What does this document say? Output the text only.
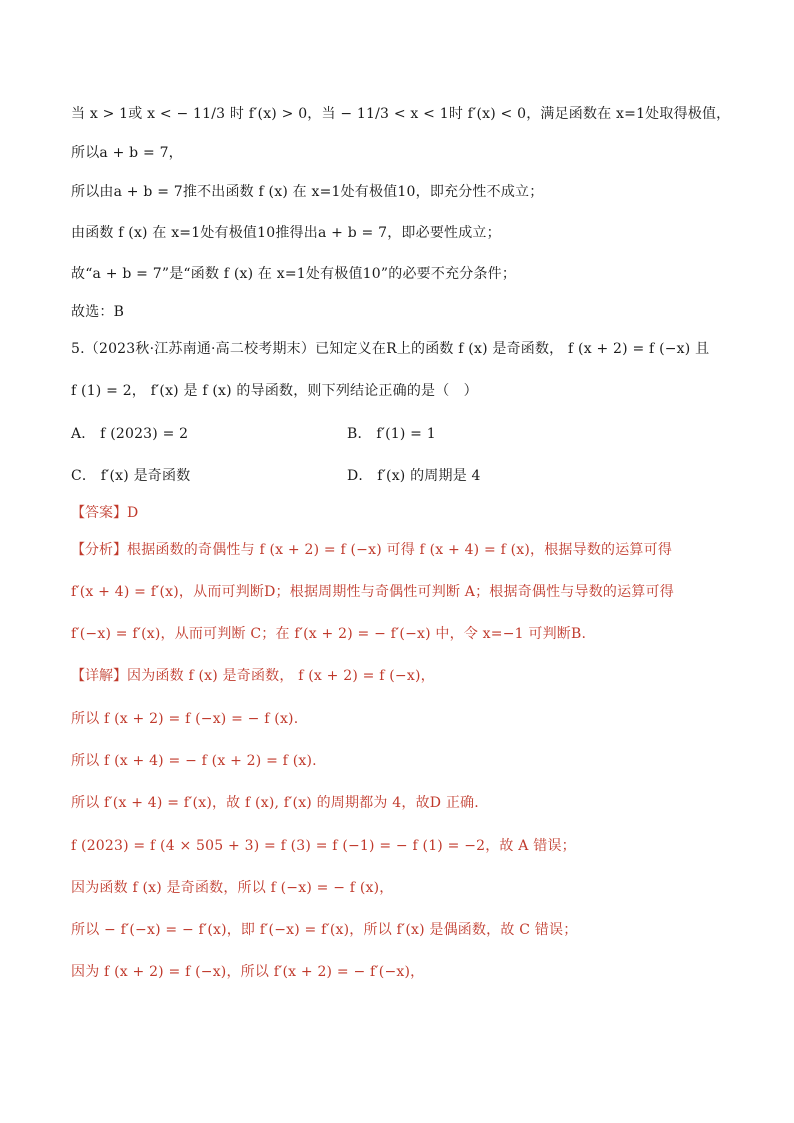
当 x > 1或 x < − 11/3 时 f′(x) > 0，当 − 11/3 < x < 1时 f′(x) < 0，满足函数在 x=1处取得极值，
所以a + b = 7，
所以由a + b = 7推不出函数 f (x) 在 x=1处有极值10，即充分性不成立；
由函数 f (x) 在 x=1处有极值10推得出a + b = 7，即必要性成立；
故“a + b = 7”是“函数 f (x) 在 x=1处有极值10”的必要不充分条件；
故选：B
5.（2023秋·江苏南通·高二校考期末）已知定义在R上的函数 f (x) 是奇函数， f (x + 2) = f (−x) 且
f (1) = 2， f′(x) 是 f (x) 的导函数，则下列结论正确的是（　）
A． f (2023) = 2	B． f′(1) = 1
C． f′(x) 是奇函数	D． f′(x) 的周期是 4
【答案】D
【分析】根据函数的奇偶性与 f (x + 2) = f (−x) 可得 f (x + 4) = f (x)，根据导数的运算可得
f′(x + 4) = f′(x)，从而可判断D；根据周期性与奇偶性可判断 A；根据奇偶性与导数的运算可得
f′(−x) = f′(x)，从而可判断 C；在 f′(x + 2) = − f′(−x) 中，令 x=−1 可判断B.
【详解】因为函数 f (x) 是奇函数， f (x + 2) = f (−x)，
所以 f (x + 2) = f (−x) = − f (x).
所以 f (x + 4) = − f (x + 2) = f (x).
所以 f′(x + 4) = f′(x)，故 f (x), f′(x) 的周期都为 4，故D 正确.
f (2023) = f (4 × 505 + 3) = f (3) = f (−1) = − f (1) = −2，故 A 错误；
因为函数 f (x) 是奇函数，所以 f (−x) = − f (x)，
所以 − f′(−x) = − f′(x)，即 f′(−x) = f′(x)，所以 f′(x) 是偶函数，故 C 错误；
因为 f (x + 2) = f (−x)，所以 f′(x + 2) = − f′(−x)，
